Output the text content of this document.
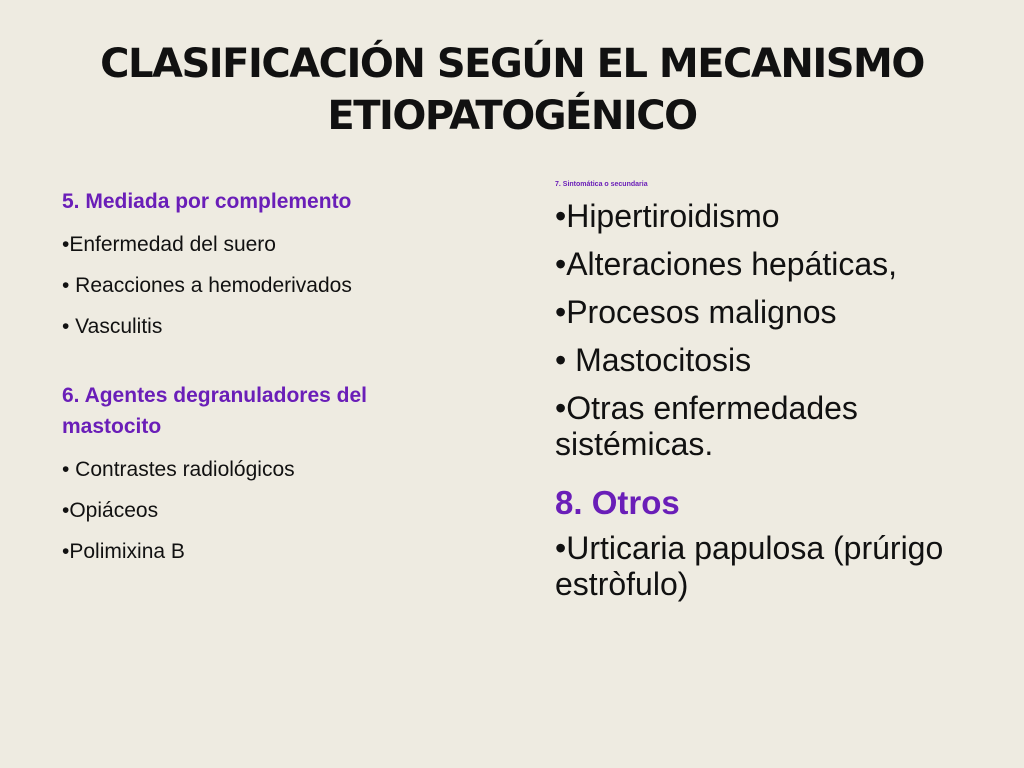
CLASIFICACIÓN SEGÚN EL MECANISMO
ETIOPATOGÉNICO

5. Mediada por complemento

•Enfermedad del suero

• Reacciones a hemoderivados

• Vasculitis

6. Agentes degranuladores del mastocito

• Contrastes radiológicos

•Opiáceos

•Polimixina B

7. Sintomática o secundaria

•Hipertiroidismo

•Alteraciones hepáticas,

•Procesos malignos

• Mastocitosis

•Otras enfermedades sistémicas.

8. Otros

•Urticaria papulosa (prúrigo estròfulo)
